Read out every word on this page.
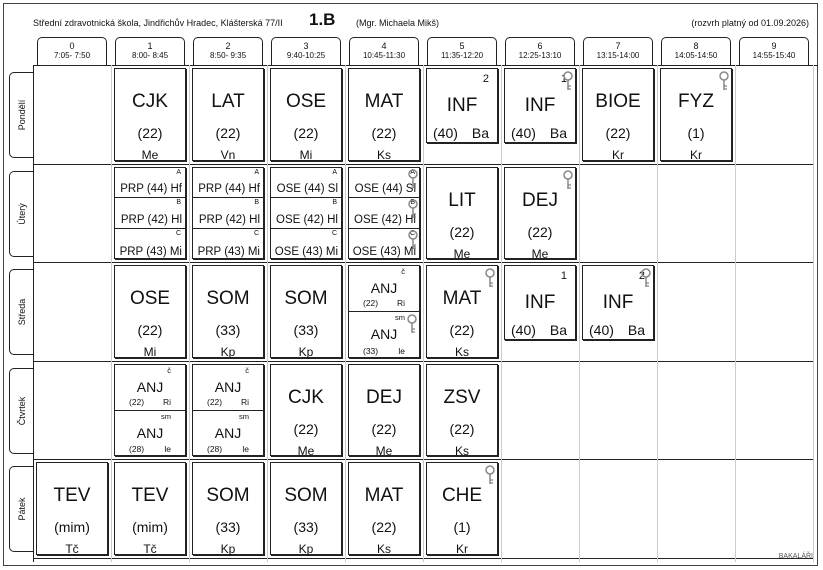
Střední zdravotnická škola, Jindřichův Hradec, Klášterská 77/II 1.B (Mgr. Michaela Mikš)	(rozvrh platný od 01.09.2026)
0
7:05- 7:50
1
8:00- 8:45
2
8:50- 9:35
3
9:40-10:25
4
10:45-11:30
5
11:35-12:20
6
12:25-13:10
7
13:15-14:00
8
14:05-14:50
9
14:55-15:40
Pondělí
Úterý
Středa
Čtvrtek
Pátek
CJK
(22)
Me
LAT
(22)
Vn
OSE
(22)
Mi
MAT
(22)
Ks
INF
(40) Ba
2
INF
(40) Ba
1
BIOE
(22)
Kr
FYZ
(1)
Kr
LIT
(22)
Me
DEJ
(22)
Me
OSE
(22)
Mi
SOM
(33)
Kp
SOM
(33)
Kp
MAT
(22)
Ks
INF
(40) Ba
1
INF
(40) Ba
2
CJK
(22)
Me
DEJ
(22)
Me
ZSV
(22)
Ks
TEV
(mim)
Tč
TEV
(mim)
Tč
SOM
(33)
Kp
SOM
(33)
Kp
MAT
(22)
Ks
CHE
(1)
Kr
A
PRP (44) Hf
B
PRP (42) Hl
C
PRP (43) Mi
A
PRP (44) Hf
B
PRP (42) Hl
C
PRP (43) Mi
A
OSE (44) Sl
B
OSE (42) Hl
C
OSE (43) Mi
A
OSE (44) Sl
B
OSE (42) Hl
C
OSE (43) Mi
č
ANJ
(22) Ri
sm
ANJ
(33) le
č
ANJ
(22) Ri
sm
ANJ
(28) le
č
ANJ
(22) Ri
sm
ANJ
(28) le
BAKALÁŘI
